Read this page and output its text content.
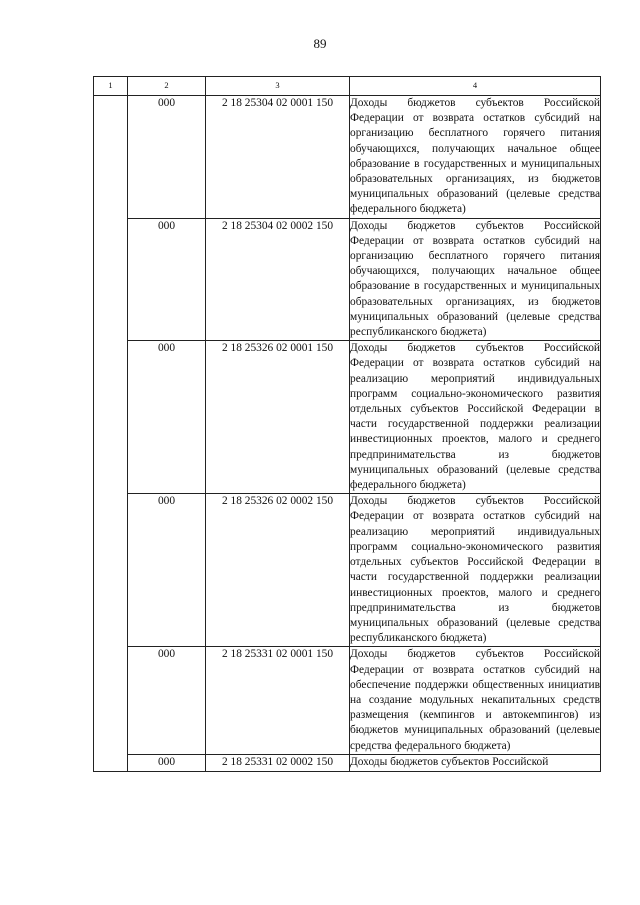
89
1	2	3	4
	000	2 18 25304 02 0001 150	Доходы бюджетов субъектов Российской Федерации от возврата остатков субсидий на организацию бесплатного горячего питания обучающихся, получающих начальное общее образование в государственных и муниципальных образовательных организациях, из бюджетов муниципальных образований (целевые средства федерального бюджета)
	000	2 18 25304 02 0002 150	Доходы бюджетов субъектов Российской Федерации от возврата остатков субсидий на организацию бесплатного горячего питания обучающихся, получающих начальное общее образование в государственных и муниципальных образовательных организациях, из бюджетов муниципальных образований (целевые средства республиканского бюджета)
	000	2 18 25326 02 0001 150	Доходы бюджетов субъектов Российской Федерации от возврата остатков субсидий на реализацию мероприятий индивидуальных программ социально-экономического развития отдельных субъектов Российской Федерации в части государственной поддержки реализации инвестиционных проектов, малого и среднего предпринимательства из бюджетов муниципальных образований (целевые средства федерального бюджета)
	000	2 18 25326 02 0002 150	Доходы бюджетов субъектов Российской Федерации от возврата остатков субсидий на реализацию мероприятий индивидуальных программ социально-экономического развития отдельных субъектов Российской Федерации в части государственной поддержки реализации инвестиционных проектов, малого и среднего предпринимательства из бюджетов муниципальных образований (целевые средства республиканского бюджета)
	000	2 18 25331 02 0001 150	Доходы бюджетов субъектов Российской Федерации от возврата остатков субсидий на обеспечение поддержки общественных инициатив на создание модульных некапитальных средств размещения (кемпингов и автокемпингов) из бюджетов муниципальных образований (целевые средства федерального бюджета)
	000	2 18 25331 02 0002 150	Доходы бюджетов субъектов Российской
